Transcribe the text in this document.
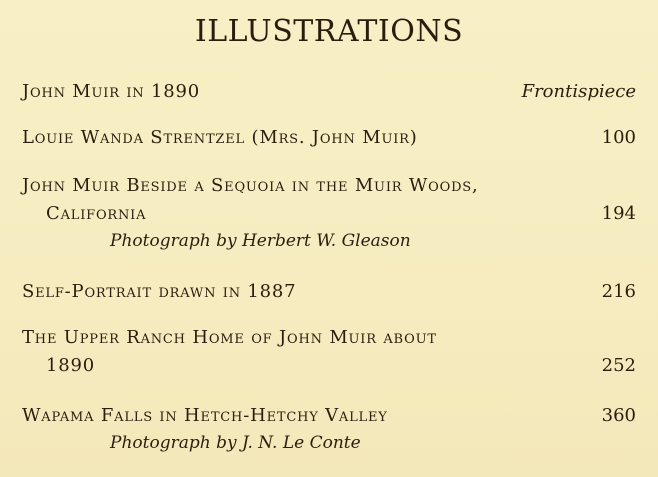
ILLUSTRATIONS
John Muir in 1890	Frontispiece
Louie Wanda Strentzel (Mrs. John Muir)	100
John Muir Beside a Sequoia in the Muir Woods,
California	194
Photograph by Herbert W. Gleason
Self-Portrait drawn in 1887	216
The Upper Ranch Home of John Muir about
1890	252
Wapama Falls in Hetch-Hetchy Valley	360
Photograph by J. N. Le Conte
